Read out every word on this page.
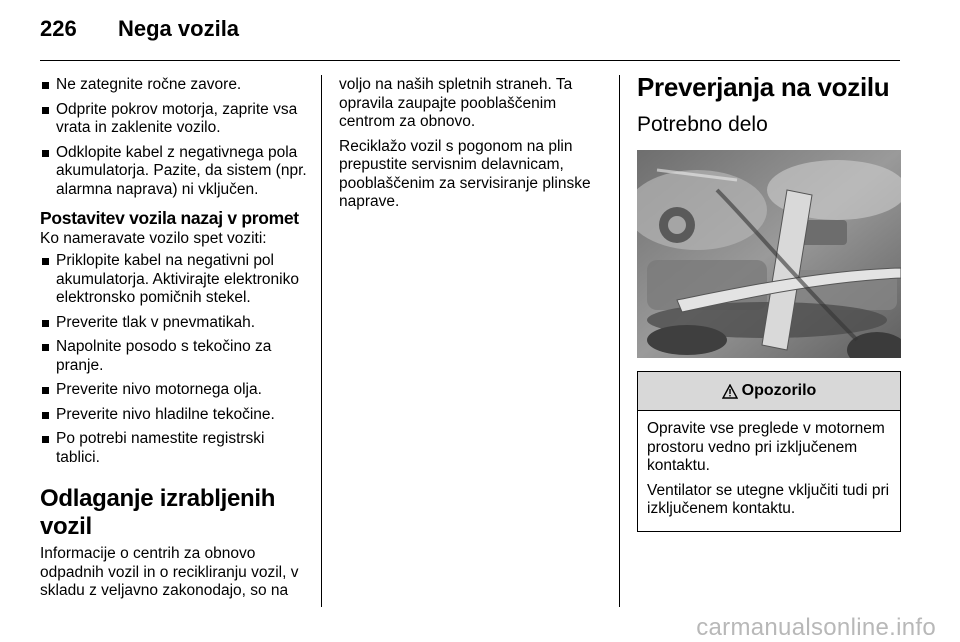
226 Nega vozila
Ne zategnite ročne zavore.
Odprite pokrov motorja, zaprite vsa vrata in zaklenite vozilo.
Odklopite kabel z negativnega pola akumulatorja. Pazite, da sistem (npr. alarmna naprava) ni vključen.
Postavitev vozila nazaj v promet

Ko nameravate vozilo spet voziti:

Priklopite kabel na negativni pol akumulatorja. Aktivirajte elektroniko elektronsko pomičnih stekel.
Preverite tlak v pnevmatikah.
Napolnite posodo s tekočino za pranje.
Preverite nivo motornega olja.
Preverite nivo hladilne tekočine.
Po potrebi namestite registrski tablici.
Odlaganje izrabljenih vozil

Informacije o centrih za obnovo odpadnih vozil in o recikliranju vozil, v skladu z veljavno zakonodajo, so na

voljo na naših spletnih straneh. Ta opravila zaupajte pooblaščenim centrom za obnovo.

Reciklažo vozil s pogonom na plin prepustite servisnim delavnicam, pooblaščenim za servisiranje plinske naprave.

Preverjanja na vozilu
Potrebno delo
Opozorilo

Opravite vse preglede v motornem prostoru vedno pri izključenem kontaktu.

Ventilator se utegne vključiti tudi pri izključenem kontaktu.

carmanualsonline.info
